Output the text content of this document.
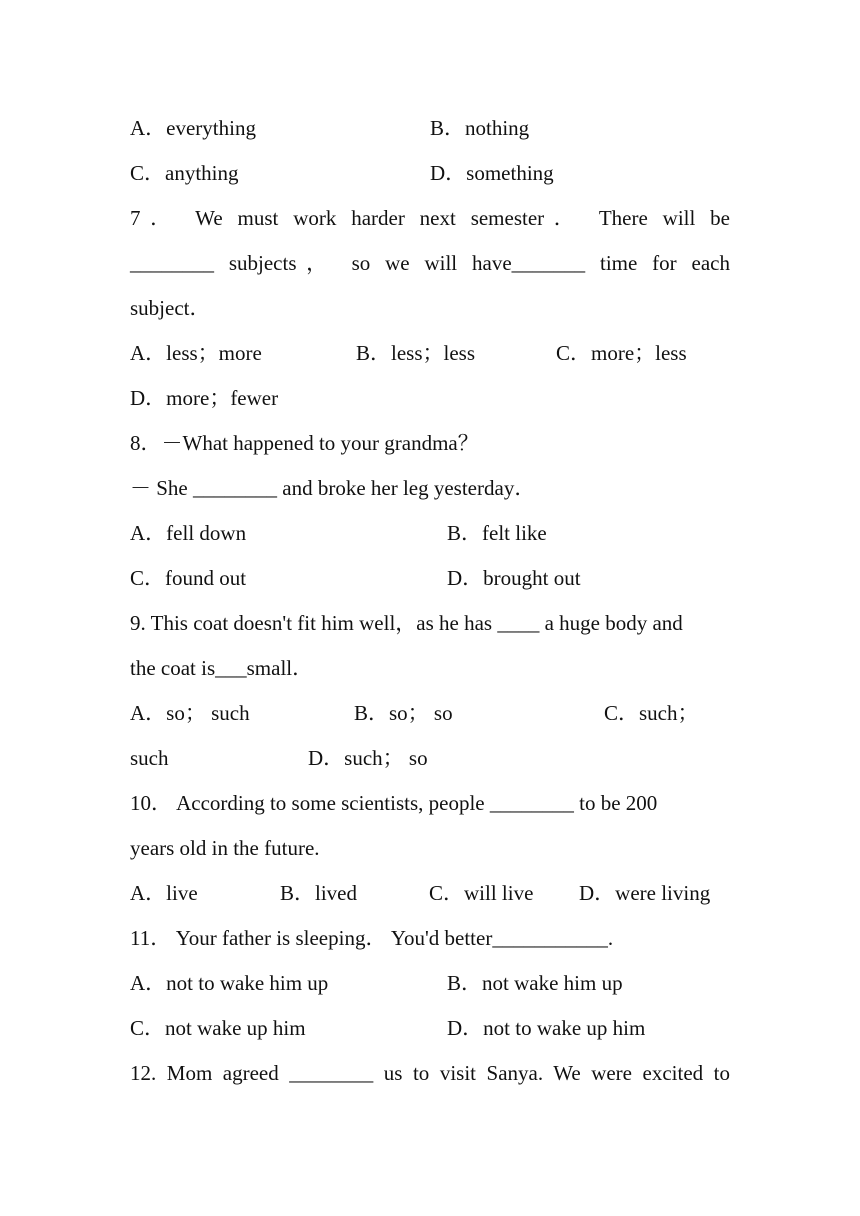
A．everything

	B．nothing

C．anything

	D．something

7． We must work harder next semester． There will be
________ subjects， so we will have_______ time for each
subject．

A．less；more

	B．less；less

	C．more；less

D．more；fewer

8．－What happened to your grandma？
－ She ________ and broke her leg yesterday．

A．fell down

	B．felt like

C．found out

	D．brought out

9. This coat doesn't fit him well，as he has ____ a huge body and
the coat is___small．

A．so； such

	B．so； so

	C．such；

such

	D．such； so

10． According to some scientists, people ________ to be 200
years old in the future.

A．live

	B．lived

	C．will live

D．were living

11． Your father is sleeping． You'd better___________.

A．not to wake him up

	B．not wake him up

C．not wake up him

	D．not to wake up him

12. Mom agreed ________ us to visit Sanya. We were excited to
